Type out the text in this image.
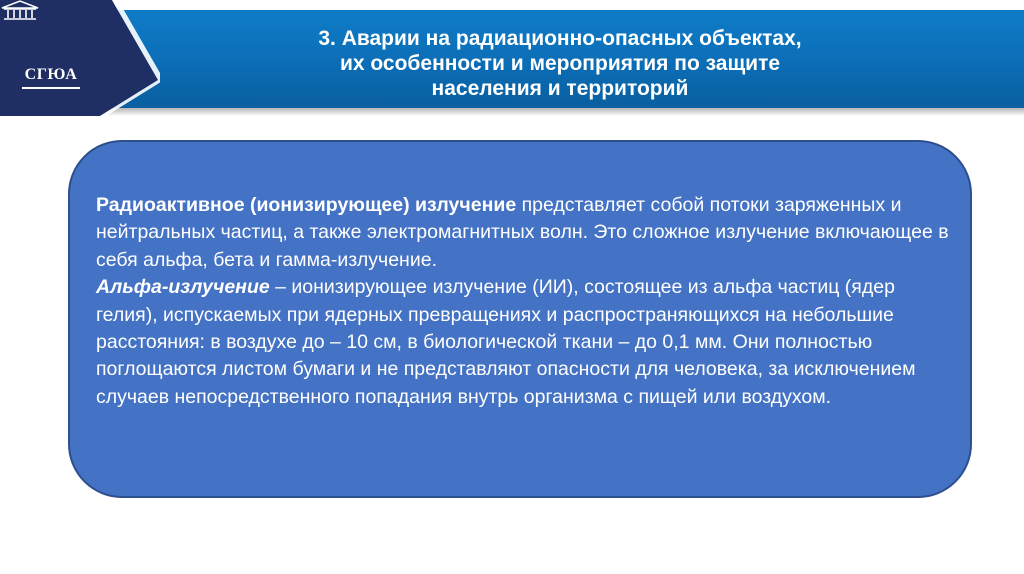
СГЮА
3. Аварии на радиационно-опасных объектах,
их особенности и мероприятия по защите
населения и территорий
Радиоактивное (ионизирующее) излучение представляет собой потоки заряженных и нейтральных частиц, а также электромагнитных волн. Это сложное излучение включающее в себя альфа, бета и гамма-излучение.
Альфа-излучение – ионизирующее излучение (ИИ), состоящее из альфа частиц (ядер гелия), испускаемых при ядерных превращениях и распространяющихся на небольшие расстояния: в воздухе до – 10 см, в биологической ткани – до 0,1 мм. Они полностью поглощаются листом бумаги и не представляют опасности для человека, за исключением случаев непосредственного попадания внутрь организма с пищей или воздухом.
